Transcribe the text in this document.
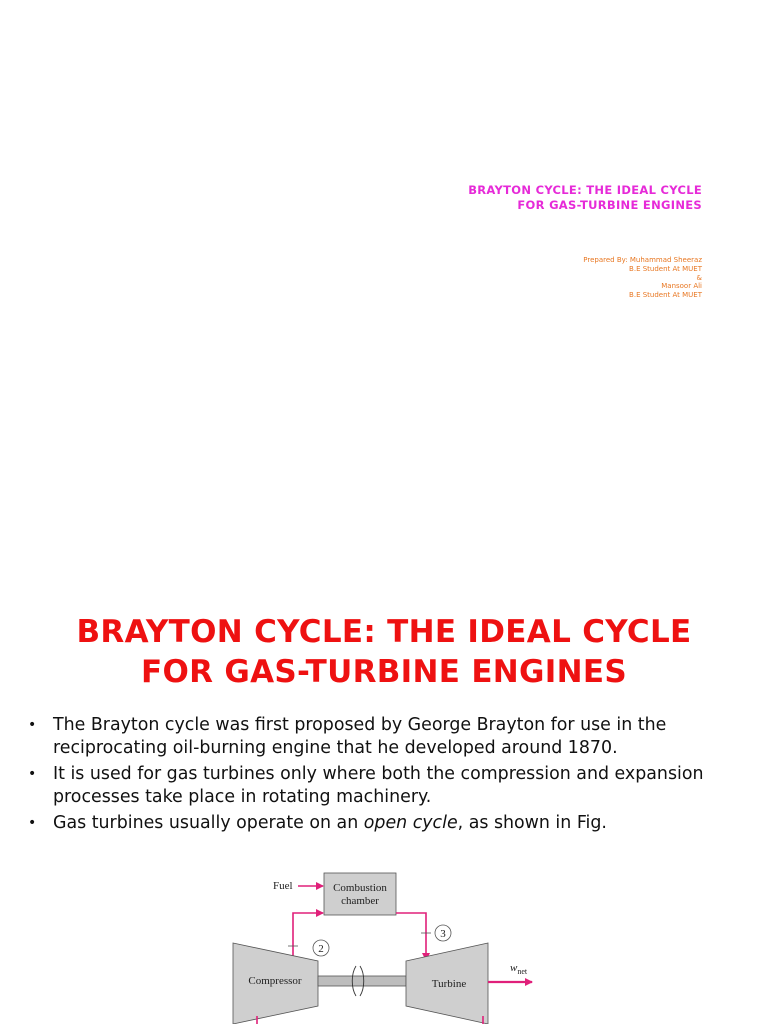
BRAYTON CYCLE: THE IDEAL CYCLE
FOR GAS-TURBINE ENGINES
Prepared By: Muhammad Sheeraz
B.E Student At MUET
&
Mansoor Ali
B.E Student At MUET
BRAYTON CYCLE: THE IDEAL CYCLE
FOR GAS-TURBINE ENGINES
• The Brayton cycle was first proposed by George Brayton for use in the reciprocating oil-burning engine that he developed around 1870.
• It is used for gas turbines only where both the compression and expansion processes take place in rotating machinery.
• Gas turbines usually operate on an open cycle, as shown in Fig.
Fuel	Combustion
chamber
2
3
Compressor	Turbine
$w_{net}$
